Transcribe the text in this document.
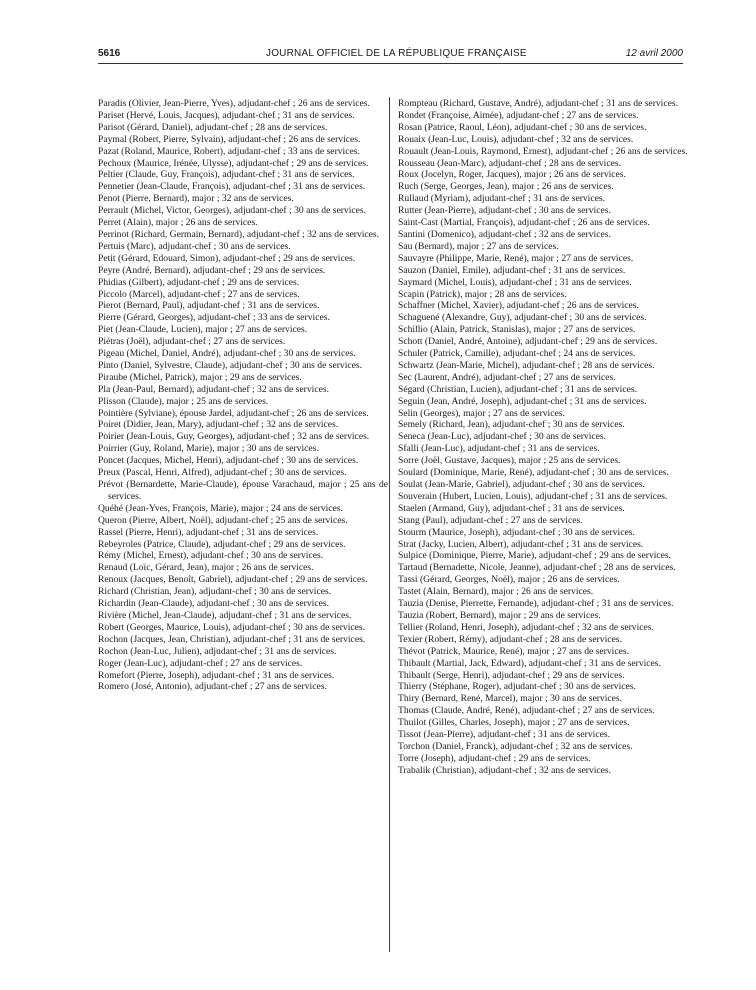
5616	JOURNAL OFFICIEL DE LA RÉPUBLIQUE FRANÇAISE	12 avril 2000

Paradis (Olivier, Jean-Pierre, Yves), adjudant-chef ; 26 ans de services.

Pariset (Hervé, Louis, Jacques), adjudant-chef ; 31 ans de services.

Parisot (Gérard, Daniel), adjudant-chef ; 28 ans de services.

Paymal (Robert, Pierre, Sylvain), adjudant-chef ; 26 ans de services.

Pazat (Roland, Maurice, Robert), adjudant-chef ; 33 ans de services.

Pechoux (Maurice, Irénée, Ulysse), adjudant-chef ; 29 ans de services.

Peltier (Claude, Guy, François), adjudant-chef ; 31 ans de services.

Pennetier (Jean-Claude, François), adjudant-chef ; 31 ans de services.

Penot (Pierre, Bernard), major ; 32 ans de services.

Perrault (Michel, Victor, Georges), adjudant-chef ; 30 ans de services.

Perret (Alain), major ; 26 ans de services.

Perrinot (Richard, Germain, Bernard), adjudant-chef ; 32 ans de services.

Pertuis (Marc), adjudant-chef ; 30 ans de services.

Petit (Gérard, Edouard, Simon), adjudant-chef ; 29 ans de services.

Peyre (André, Bernard), adjudant-chef ; 29 ans de services.

Phidias (Gilbert), adjudant-chef ; 29 ans de services.

Piccolo (Marcel), adjudant-chef ; 27 ans de services.

Pierot (Bernard, Paul), adjudant-chef ; 31 ans de services.

Pierre (Gérard, Georges), adjudant-chef ; 33 ans de services.

Piet (Jean-Claude, Lucien), major ; 27 ans de services.

Piétras (Joël), adjudant-chef ; 27 ans de services.

Pigeau (Michel, Daniel, André), adjudant-chef ; 30 ans de services.

Pinto (Daniel, Sylvestre, Claude), adjudant-chef ; 30 ans de services.

Piraube (Michel, Patrick), major ; 29 ans de services.

Pla (Jean-Paul, Bernard), adjudant-chef ; 32 ans de services.

Plisson (Claude), major ; 25 ans de services.

Pointière (Sylviane), épouse Jardel, adjudant-chef ; 26 ans de services.

Poiret (Didier, Jean, Mary), adjudant-chef ; 32 ans de services.

Poirier (Jean-Louis, Guy, Georges), adjudant-chef ; 32 ans de services.

Poirrier (Guy, Roland, Marie), major ; 30 ans de services.

Poncet (Jacques, Michel, Henri), adjudant-chef ; 30 ans de services.

Preux (Pascal, Henri, Alfred), adjudant-chef ; 30 ans de services.

Prévot (Bernardette, Marie-Claude), épouse Varachaud, major ; 25 ans de services.

Quéhé (Jean-Yves, François, Marie), major ; 24 ans de services.

Queron (Pierre, Albert, Noël), adjudant-chef ; 25 ans de services.

Rassel (Pierre, Henri), adjudant-chef ; 31 ans de services.

Rebeyroles (Patrice, Claude), adjudant-chef ; 29 ans de services.

Rémy (Michel, Ernest), adjudant-chef ; 30 ans de services.

Renaud (Loïc, Gérard, Jean), major ; 26 ans de services.

Renoux (Jacques, Benoît, Gabriel), adjudant-chef ; 29 ans de services.

Richard (Christian, Jean), adjudant-chef ; 30 ans de services.

Richardin (Jean-Claude), adjudant-chef ; 30 ans de services.

Rivière (Michel, Jean-Claude), adjudant-chef ; 31 ans de services.

Robert (Georges, Maurice, Louis), adjudant-chef ; 30 ans de services.

Rochon (Jacques, Jean, Christian), adjudant-chef ; 31 ans de services.

Rochon (Jean-Luc, Julien), adjudant-chef ; 31 ans de services.

Roger (Jean-Luc), adjudant-chef ; 27 ans de services.

Romefort (Pierre, Joseph), adjudant-chef ; 31 ans de services.

Romero (José, Antonio), adjudant-chef ; 27 ans de services.

Rompteau (Richard, Gustave, André), adjudant-chef ; 31 ans de services.

Rondet (Françoise, Aimée), adjudant-chef ; 27 ans de services.

Rosan (Patrice, Raoul, Léon), adjudant-chef ; 30 ans de services.

Rouaix (Jean-Luc, Louis), adjudant-chef ; 32 ans de services.

Rouault (Jean-Louis, Raymond, Ernest), adjudant-chef ; 26 ans de services.

Rousseau (Jean-Marc), adjudant-chef ; 28 ans de services.

Roux (Jocelyn, Roger, Jacques), major ; 26 ans de services.

Ruch (Serge, Georges, Jean), major ; 26 ans de services.

Rullaud (Myriam), adjudant-chef ; 31 ans de services.

Rutter (Jean-Pierre), adjudant-chef ; 30 ans de services.

Saint-Cast (Martial, François), adjudant-chef ; 26 ans de services.

Santini (Domenico), adjudant-chef ; 32 ans de services.

Sau (Bernard), major ; 27 ans de services.

Sauvayre (Philippe, Marie, René), major ; 27 ans de services.

Sauzon (Daniel, Emile), adjudant-chef ; 31 ans de services.

Saymard (Michel, Louis), adjudant-chef ; 31 ans de services.

Scapin (Patrick), major ; 28 ans de services.

Schaffner (Michel, Xavier), adjudant-chef ; 26 ans de services.

Schaguené (Alexandre, Guy), adjudant-chef ; 30 ans de services.

Schillio (Alain, Patrick, Stanislas), major ; 27 ans de services.

Schott (Daniel, André, Antoine), adjudant-chef ; 29 ans de services.

Schuler (Patrick, Camille), adjudant-chef ; 24 ans de services.

Schwartz (Jean-Marie, Michel), adjudant-chef ; 28 ans de services.

Sec (Laurent, André), adjudant-chef ; 27 ans de services.

Ségard (Christian, Lucien), adjudant-chef ; 31 ans de services.

Seguin (Jean, André, Joseph), adjudant-chef ; 31 ans de services.

Selin (Georges), major ; 27 ans de services.

Semely (Richard, Jean), adjudant-chef ; 30 ans de services.

Seneca (Jean-Luc), adjudant-chef ; 30 ans de services.

Sfalli (Jean-Luc), adjudant-chef ; 31 ans de services.

Sorre (Joël, Gustave, Jacques), major ; 25 ans de services.

Soulard (Dominique, Marie, René), adjudant-chef ; 30 ans de services.

Soulat (Jean-Marie, Gabriel), adjudant-chef ; 30 ans de services.

Souverain (Hubert, Lucien, Louis), adjudant-chef ; 31 ans de services.

Staelen (Armand, Guy), adjudant-chef ; 31 ans de services.

Stang (Paul), adjudant-chef ; 27 ans de services.

Stourm (Maurice, Joseph), adjudant-chef ; 30 ans de services.

Strat (Jacky, Lucien, Albert), adjudant-chef ; 31 ans de services.

Sulpice (Dominique, Pierre, Marie), adjudant-chef ; 29 ans de services.

Tartaud (Bernadette, Nicole, Jeanne), adjudant-chef ; 28 ans de services.

Tassi (Gérard, Georges, Noël), major ; 26 ans de services.

Tastet (Alain, Bernard), major ; 26 ans de services.

Tauzia (Denise, Pierrette, Fernande), adjudant-chef ; 31 ans de services.

Tauzia (Robert, Bernard), major ; 29 ans de services.

Tellier (Roland, Henri, Joseph), adjudant-chef ; 32 ans de services.

Texier (Robert, Rémy), adjudant-chef ; 28 ans de services.

Thévot (Patrick, Maurice, René), major ; 27 ans de services.

Thibault (Martial, Jack, Edward), adjudant-chef ; 31 ans de services.

Thibault (Serge, Henri), adjudant-chef ; 29 ans de services.

Thierry (Stéphane, Roger), adjudant-chef ; 30 ans de services.

Thiry (Bernard, René, Marcel), major ; 30 ans de services.

Thomas (Claude, André, René), adjudant-chef ; 27 ans de services.

Thuilot (Gilles, Charles, Joseph), major ; 27 ans de services.

Tissot (Jean-Pierre), adjudant-chef ; 31 ans de services.

Torchon (Daniel, Franck), adjudant-chef ; 32 ans de services.

Torre (Joseph), adjudant-chef ; 29 ans de services.

Trabalik (Christian), adjudant-chef ; 32 ans de services.
